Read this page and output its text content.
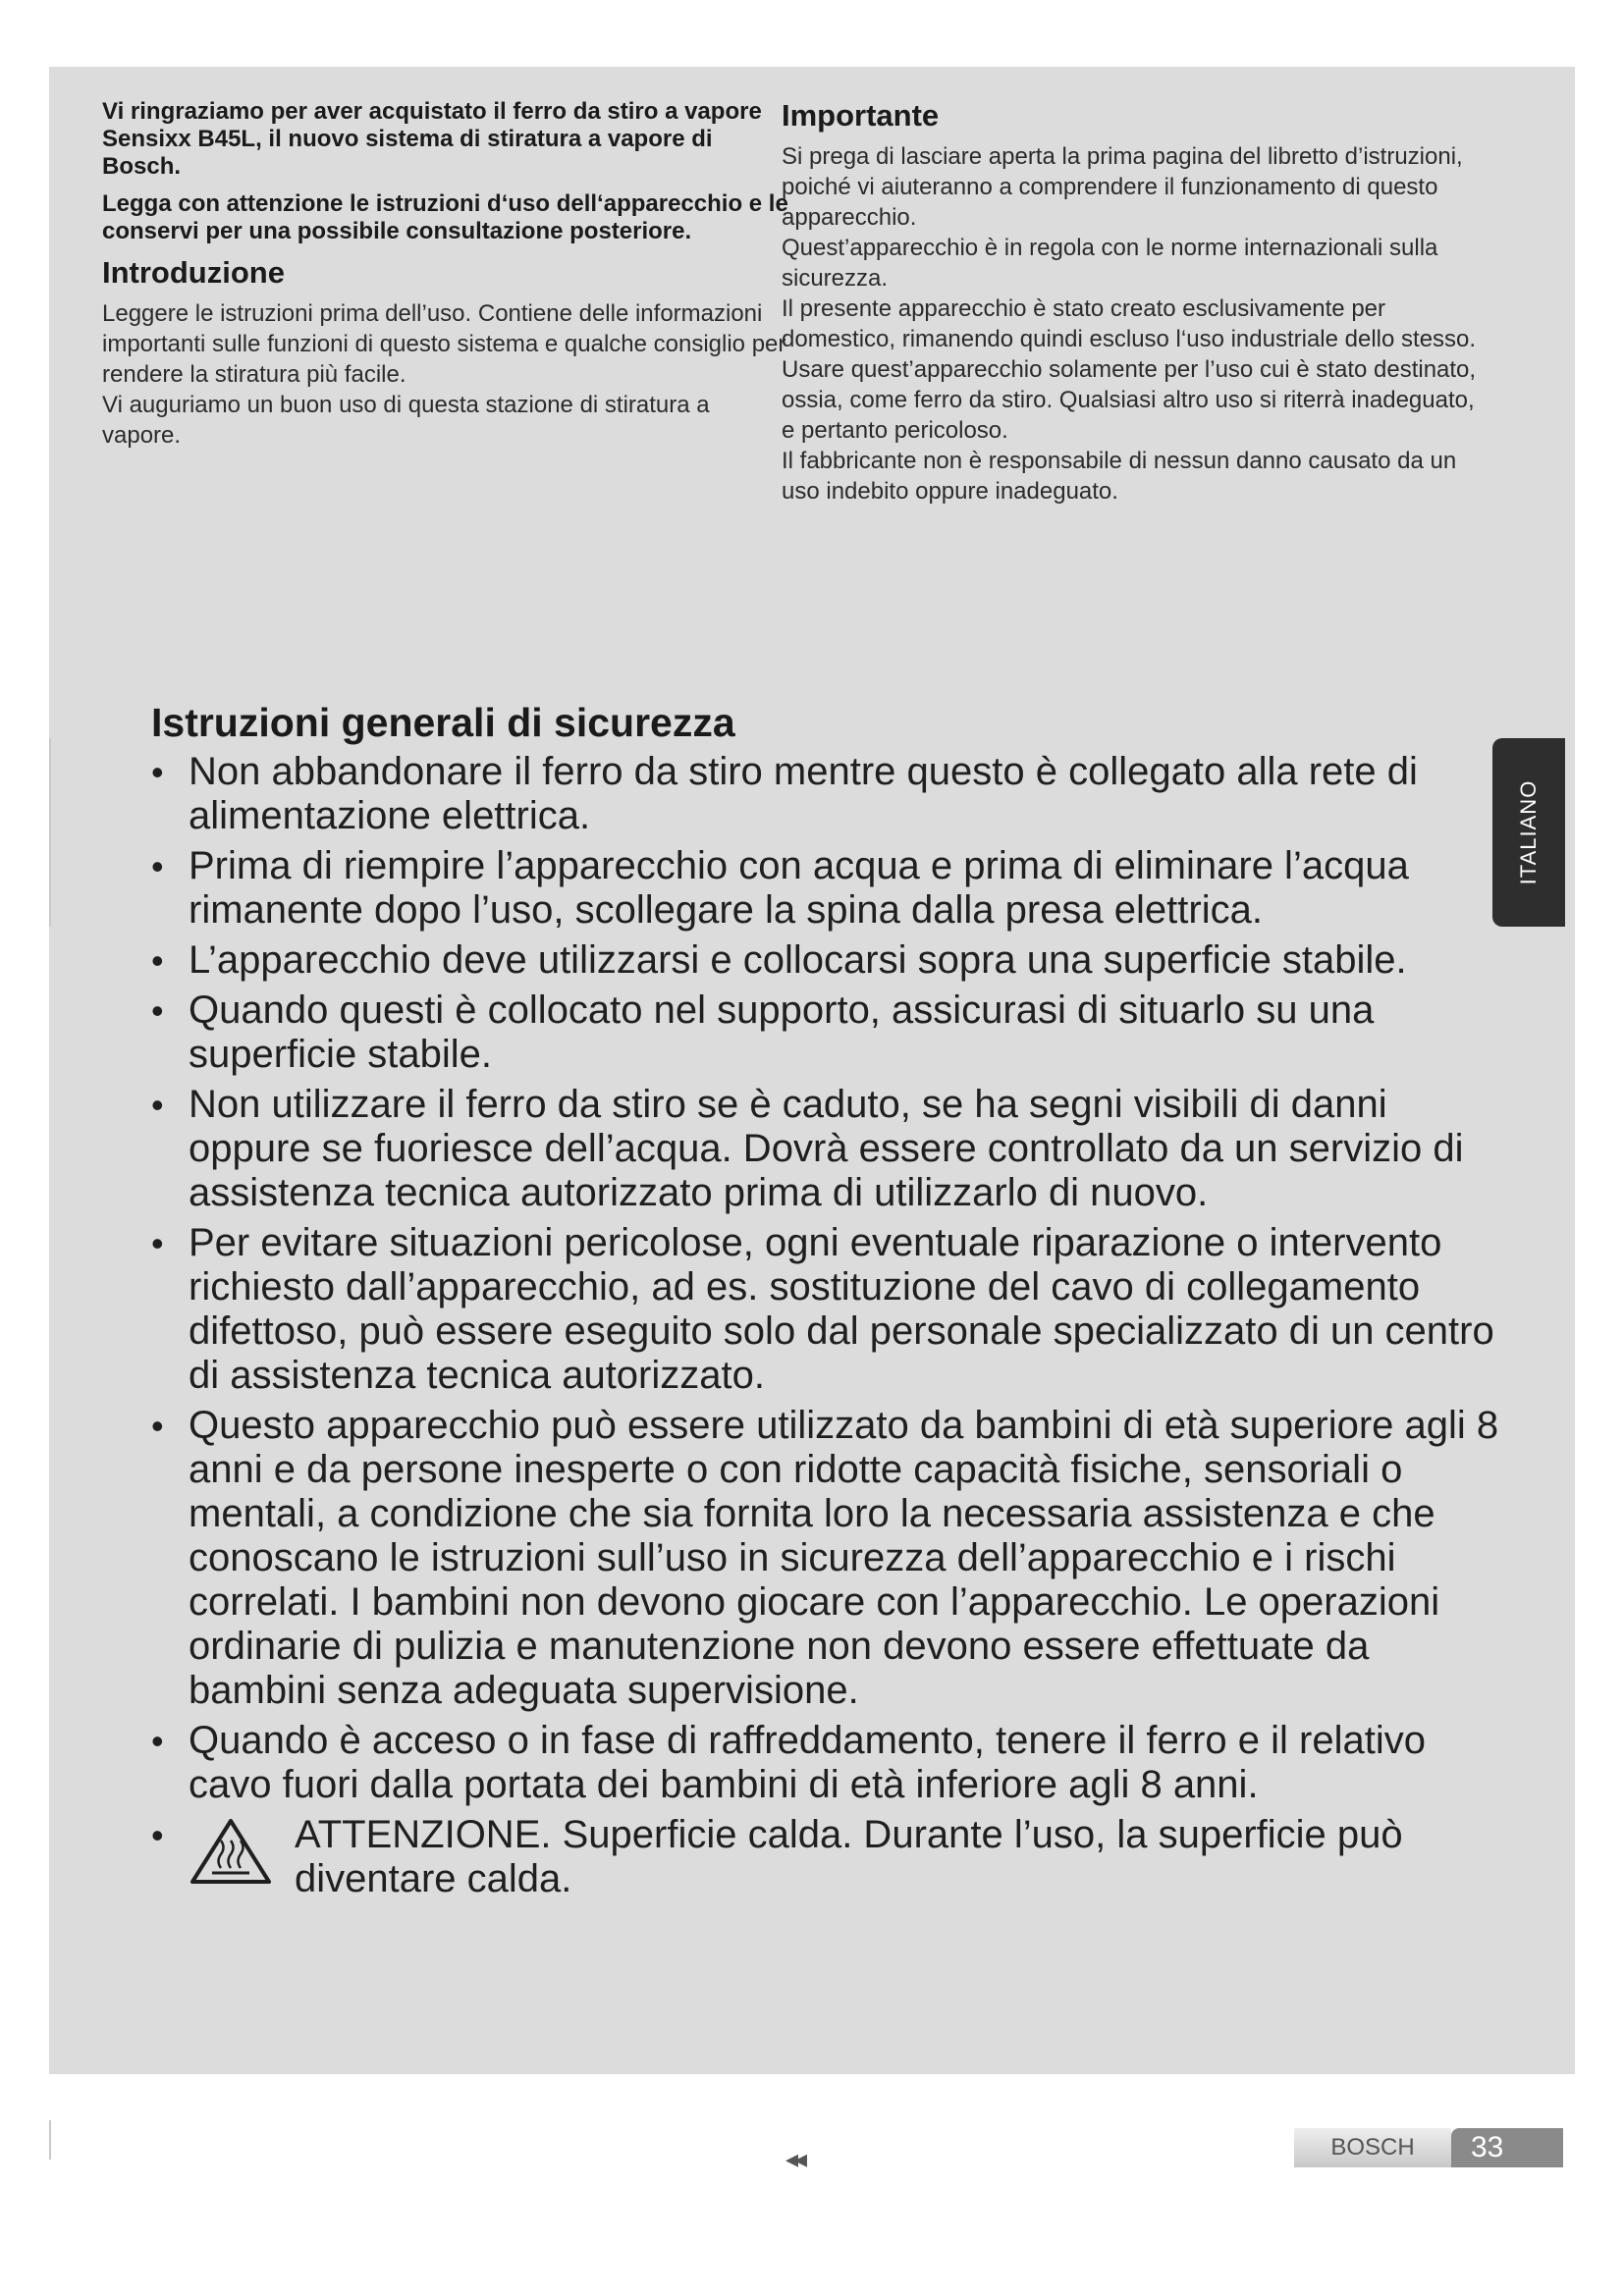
Vi ringraziamo per aver acquistato il ferro da stiro a vapore Sensixx B45L, il nuovo sistema di stiratura a vapore di Bosch.

Legga con attenzione le istruzioni d‘uso dell‘apparecchio e le conservi per una possibile consultazione posteriore.

Introduzione

Leggere le istruzioni prima dell’uso. Contiene delle informazioni importanti sulle funzioni di questo sistema e qualche consiglio per rendere la stiratura più facile.

Vi auguriamo un buon uso di questa stazione di stiratura a vapore.

Importante

Si prega di lasciare aperta la prima pagina del libretto d’istruzioni, poiché vi aiuteranno a comprendere il funzionamento di questo apparecchio.

Quest’apparecchio è in regola con le norme internazionali sulla sicurezza.

Il presente apparecchio è stato creato esclusivamente per domestico, rimanendo quindi escluso l‘uso industriale dello stesso.

Usare quest’apparecchio solamente per l’uso cui è stato destinato, ossia, come ferro da stiro. Qualsiasi altro uso si riterrà inadeguato, e pertanto pericoloso.

Il fabbricante non è responsabile di nessun danno causato da un uso indebito oppure inadeguato.

Istruzioni generali di sicurezza
• Non abbandonare il ferro da stiro mentre questo è collegato alla rete di alimentazione elettrica.
• Prima di riempire l’apparecchio con acqua e prima di eliminare l’acqua rimanente dopo l’uso, scollegare la spina dalla presa elettrica.
• L’apparecchio deve utilizzarsi e collocarsi sopra una superficie stabile.
• Quando questi è collocato nel supporto, assicurasi di situarlo su una superficie stabile.
• Non utilizzare il ferro da stiro se è caduto, se ha segni visibili di danni oppure se fuoriesce dell’acqua. Dovrà essere controllato da un servizio di assistenza tecnica autorizzato prima di utilizzarlo di nuovo.
• Per evitare situazioni pericolose, ogni eventuale riparazione o intervento richiesto dall’apparecchio, ad es. sostituzione del cavo di collegamento difettoso, può essere eseguito solo dal personale specializzato di un centro di assistenza tecnica autorizzato.
• Questo apparecchio può essere utilizzato da bambini di età superiore agli 8 anni e da persone inesperte o con ridotte capacità fisiche, sensoriali o mentali, a condizione che sia fornita loro la necessaria assistenza e che conoscano le istruzioni sull’uso in sicurezza dell’apparecchio e i rischi correlati. I bambini non devono giocare con l’apparecchio. Le operazioni ordinarie di pulizia e manutenzione non devono essere effettuate da bambini senza adeguata supervisione.
• Quando è acceso o in fase di raffreddamento, tenere il ferro e il relativo cavo fuori dalla portata dei bambini di età inferiore agli 8 anni.
•	ATTENZIONE. Superficie calda. Durante l’uso, la superficie può diventare calda.
ITALIANO
◂◂	BOSCH	33
